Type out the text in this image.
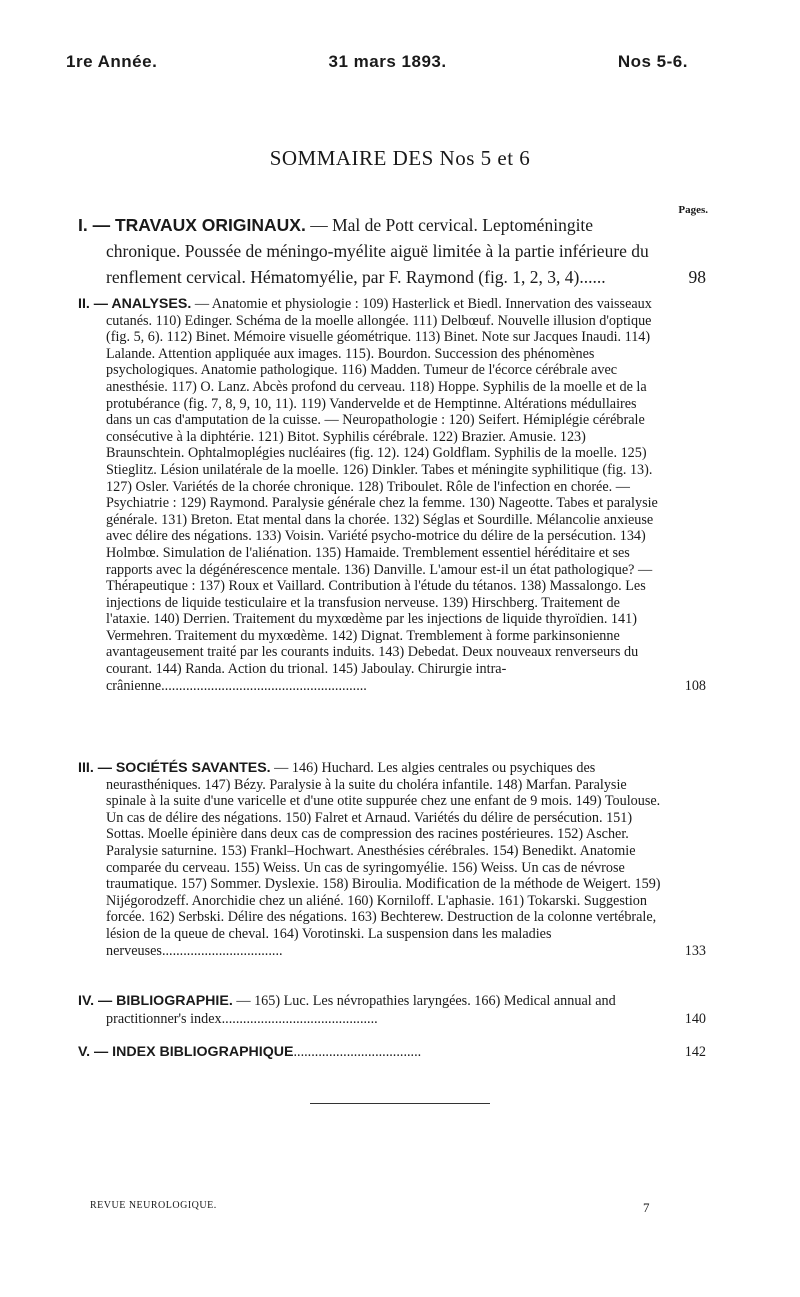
1re Année.	31 mars 1893.	Nos 5-6.
SOMMAIRE DES Nos 5 et 6
Pages.
I. — TRAVAUX ORIGINAUX. — Mal de Pott cervical. Leptoméningite chronique. Poussée de méningo-myélite aiguë limitée à la partie inférieure du renflement cervical. Hématomyélie, par F. Raymond (fig. 1, 2, 3, 4)......	98
II. — ANALYSES. — Anatomie et physiologie : 109) Hasterlick et Biedl. Innervation des vaisseaux cutanés. 110) Edinger. Schéma de la moelle allongée. 111) Delbœuf. Nouvelle illusion d'optique (fig. 5, 6). 112) Binet. Mémoire visuelle géométrique. 113) Binet. Note sur Jacques Inaudi. 114) Lalande. Attention appliquée aux images. 115). Bourdon. Succession des phénomènes psychologiques. Anatomie pathologique. 116) Madden. Tumeur de l'écorce cérébrale avec anesthésie. 117) O. Lanz. Abcès profond du cerveau. 118) Hoppe. Syphilis de la moelle et de la protubérance (fig. 7, 8, 9, 10, 11). 119) Vandervelde et de Hemptinne. Altérations médullaires dans un cas d'amputation de la cuisse. — Neuropathologie : 120) Seifert. Hémiplégie cérébrale consécutive à la diphtérie. 121) Bitot. Syphilis cérébrale. 122) Brazier. Amusie. 123) Braunschtein. Ophtalmoplégies nucléaires (fig. 12). 124) Goldflam. Syphilis de la moelle. 125) Stieglitz. Lésion unilatérale de la moelle. 126) Dinkler. Tabes et méningite syphilitique (fig. 13). 127) Osler. Variétés de la chorée chronique. 128) Triboulet. Rôle de l'infection en chorée. — Psychiatrie : 129) Raymond. Paralysie générale chez la femme. 130) Nageotte. Tabes et paralysie générale. 131) Breton. Etat mental dans la chorée. 132) Séglas et Sourdille. Mélancolie anxieuse avec délire des négations. 133) Voisin. Variété psycho-motrice du délire de la persécution. 134) Holmbœ. Simulation de l'aliénation. 135) Hamaide. Tremblement essentiel héréditaire et ses rapports avec la dégénérescence mentale. 136) Danville. L'amour est-il un état pathologique? — Thérapeutique : 137) Roux et Vaillard. Contribution à l'étude du tétanos. 138) Massalongo. Les injections de liquide testiculaire et la transfusion nerveuse. 139) Hirschberg. Traitement de l'ataxie. 140) Derrien. Traitement du myxœdème par les injections de liquide thyroïdien. 141) Vermehren. Traitement du myxœdème. 142) Dignat. Tremblement à forme parkinsonienne avantageusement traité par les courants induits. 143) Debedat. Deux nouveaux renverseurs du courant. 144) Randa. Action du trional. 145) Jaboulay. Chirurgie intra-crânienne..........................................................	108
III. — SOCIÉTÉS SAVANTES. — 146) Huchard. Les algies centrales ou psychiques des neurasthéniques. 147) Bézy. Paralysie à la suite du choléra infantile. 148) Marfan. Paralysie spinale à la suite d'une varicelle et d'une otite suppurée chez une enfant de 9 mois. 149) Toulouse. Un cas de délire des négations. 150) Falret et Arnaud. Variétés du délire de persécution. 151) Sottas. Moelle épinière dans deux cas de compression des racines postérieures. 152) Ascher. Paralysie saturnine. 153) Frankl–Hochwart. Anesthésies cérébrales. 154) Benedikt. Anatomie comparée du cerveau. 155) Weiss. Un cas de syringomyélie. 156) Weiss. Un cas de névrose traumatique. 157) Sommer. Dyslexie. 158) Biroulia. Modification de la méthode de Weigert. 159) Nijégorodzeff. Anorchidie chez un aliéné. 160) Korniloff. L'aphasie. 161) Tokarski. Suggestion forcée. 162) Serbski. Délire des négations. 163) Bechterew. Destruction de la colonne vertébrale, lésion de la queue de cheval. 164) Vorotinski. La suspension dans les maladies nerveuses..................................	133
IV. — BIBLIOGRAPHIE. — 165) Luc. Les névropathies laryngées. 166) Medical annual and practitionner's index............................................	140
V. — INDEX BIBLIOGRAPHIQUE....................................	142
REVUE NEUROLOGIQUE.	7
